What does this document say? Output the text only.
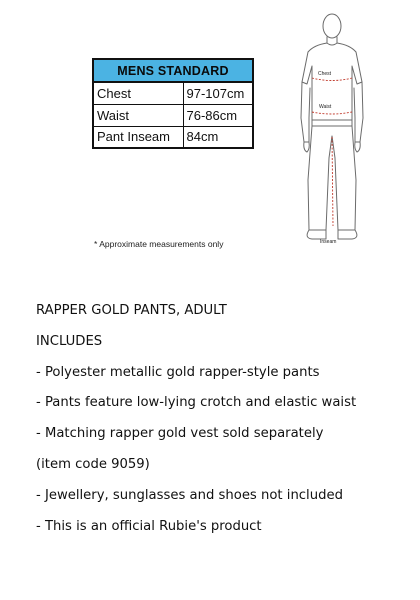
MENS STANDARD	
Chest	97-107cm
Waist	76-86cm
Pant Inseam	84cm
* Approximate measurements only
Chest
Waist
Inseam
RAPPER GOLD PANTS, ADULT
INCLUDES
- Polyester metallic gold rapper-style pants
- Pants feature low-lying crotch and elastic waist
- Matching rapper gold vest sold separately
(item code 9059)
- Jewellery, sunglasses and shoes not included
- This is an official Rubie's product
